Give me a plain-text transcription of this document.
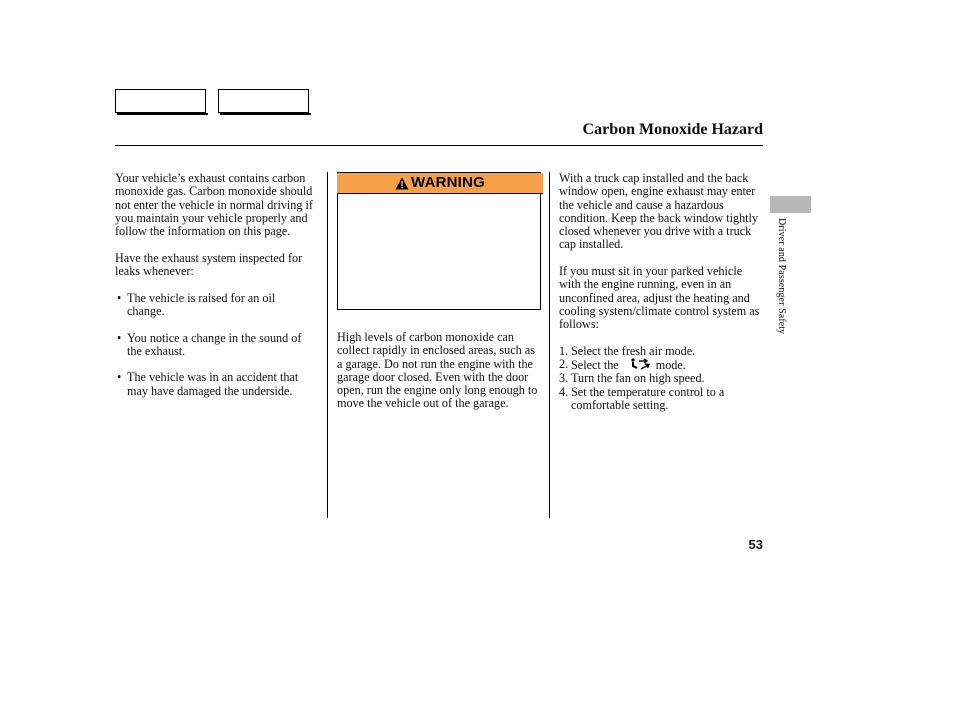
Carbon Monoxide Hazard

Your vehicle’s exhaust contains carbon monoxide gas. Carbon monoxide should not enter the vehicle in normal driving if you maintain your vehicle properly and follow the information on this page.

Have the exhaust system inspected for leaks whenever:

• The vehicle is raised for an oil change.
• You notice a change in the sound of the exhaust.
• The vehicle was in an accident that may have damaged the underside.
WARNING

High levels of carbon monoxide can collect rapidly in enclosed areas, such as a garage. Do not run the engine with the garage door closed. Even with the door open, run the engine only long enough to move the vehicle out of the garage.

With a truck cap installed and the back window open, engine exhaust may enter the vehicle and cause a hazardous condition. Keep the back window tightly closed whenever you drive with a truck cap installed.

If you must sit in your parked vehicle with the engine running, even in an unconfined area, adjust the heating and cooling system/climate control system as follows:

1. Select the fresh air mode.
2. Select the	mode.
3. Turn the fan on high speed.
4. Set the temperature control to a comfortable setting.
Driver and Passenger Safety
53
